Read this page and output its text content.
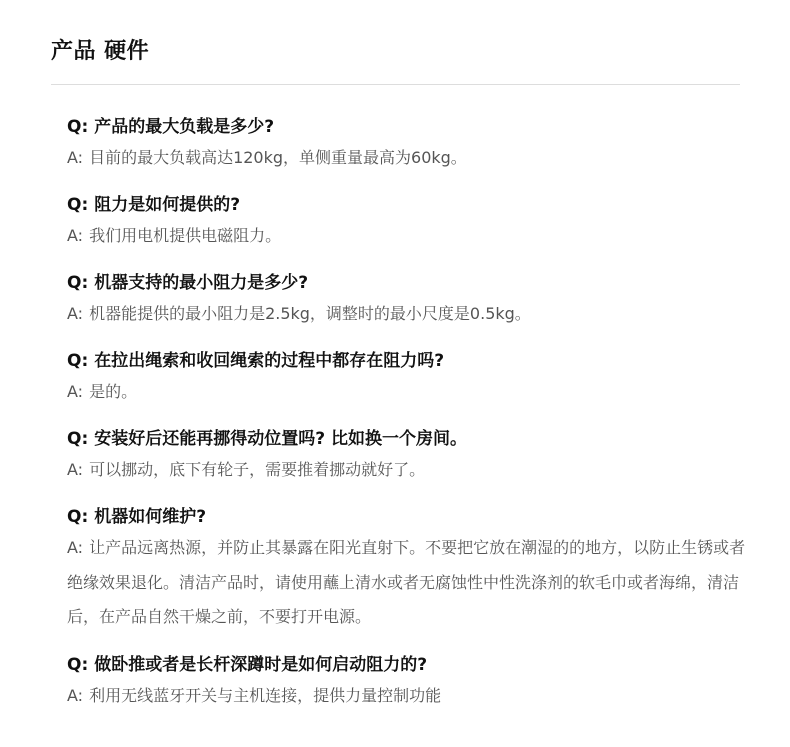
产品 硬件
Q: 产品的最大负载是多少?
A: 目前的最大负载高达120kg，单侧重量最高为60kg。
Q: 阻力是如何提供的?
A: 我们用电机提供电磁阻力。
Q: 机器支持的最小阻力是多少?
A: 机器能提供的最小阻力是2.5kg，调整时的最小尺度是0.5kg。
Q: 在拉出绳索和收回绳索的过程中都存在阻力吗?
A: 是的。
Q: 安装好后还能再挪得动位置吗? 比如换一个房间。
A: 可以挪动，底下有轮子，需要推着挪动就好了。
Q: 机器如何维护?
A: 让产品远离热源，并防止其暴露在阳光直射下。不要把它放在潮湿的的地方，以防止生锈或者绝缘效果退化。清洁产品时，请使用蘸上清水或者无腐蚀性中性洗涤剂的软毛巾或者海绵，清洁后，在产品自然干燥之前，不要打开电源。
Q: 做卧推或者是长杆深蹲时是如何启动阻力的?
A: 利用无线蓝牙开关与主机连接，提供力量控制功能
